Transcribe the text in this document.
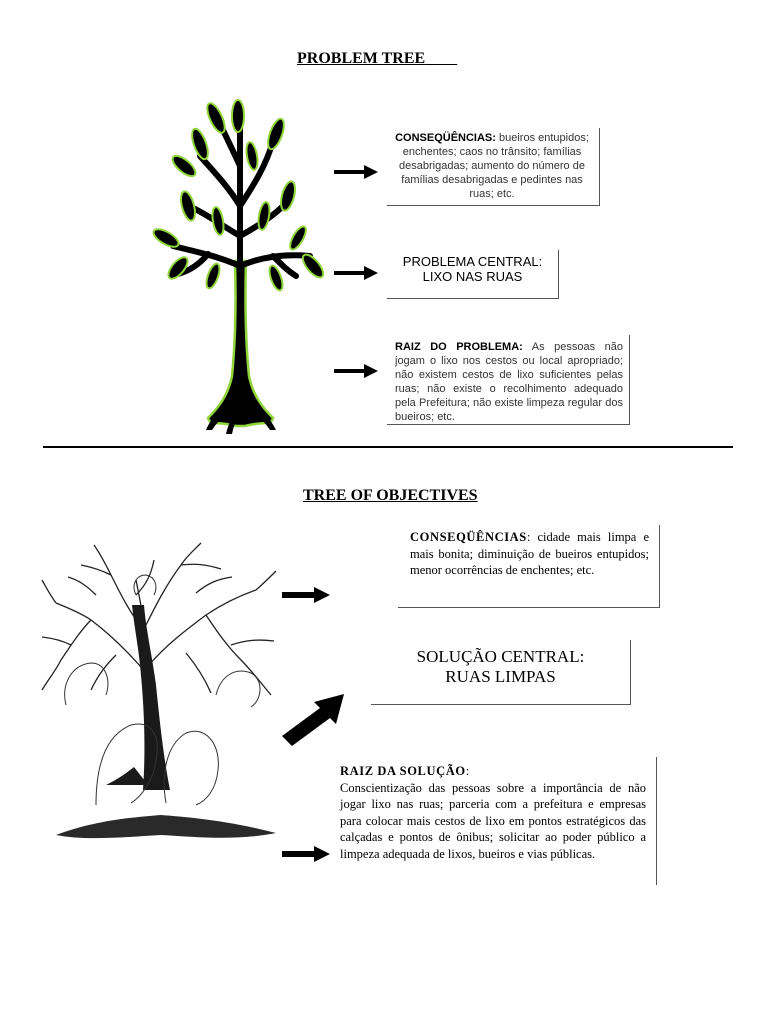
PROBLEM TREE
CONSEQÜÊNCIAS: bueiros entupidos; enchentes; caos no trânsito; famílias desabrigadas; aumento do número de famílias desabrigadas e pedintes nas ruas; etc.
PROBLEMA CENTRAL:
LIXO NAS RUAS
RAIZ DO PROBLEMA: As pessoas não jogam o lixo nos cestos ou local apropriado; não existem cestos de lixo suficientes pelas ruas; não existe o recolhimento adequado pela Prefeitura; não existe limpeza regular dos bueiros; etc.
TREE OF OBJECTIVES
CONSEQÜÊNCIAS: cidade mais limpa e mais bonita; diminuição de bueiros entupidos; menor ocorrências de enchentes; etc.
SOLUÇÃO CENTRAL:
RUAS LIMPAS
RAIZ DA SOLUÇÃO:
Conscientização das pessoas sobre a importância de não jogar lixo nas ruas; parceria com a prefeitura e empresas para colocar mais cestos de lixo em pontos estratégicos das calçadas e pontos de ônibus; solicitar ao poder público a limpeza adequada de lixos, bueiros e vias públicas.
